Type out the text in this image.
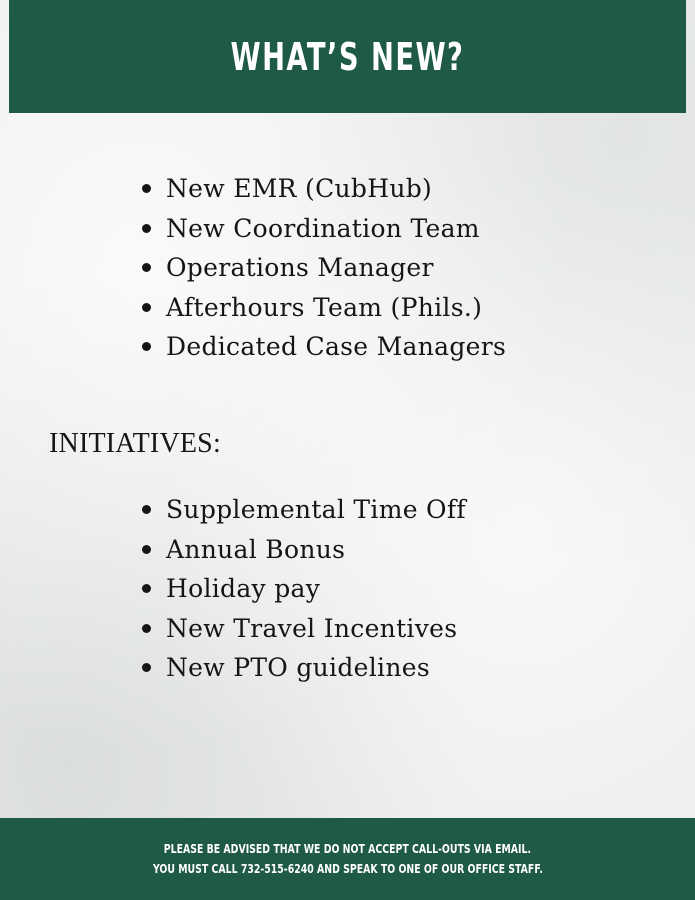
WHAT’S NEW?
New EMR (CubHub)
New Coordination Team
Operations Manager
Afterhours Team (Phils.)
Dedicated Case Managers
INITIATIVES:
Supplemental Time Off
Annual Bonus
Holiday pay
New Travel Incentives
New PTO guidelines
PLEASE BE ADVISED THAT WE DO NOT ACCEPT CALL-OUTS VIA EMAIL.
YOU MUST CALL 732-515-6240 AND SPEAK TO ONE OF OUR OFFICE STAFF.
